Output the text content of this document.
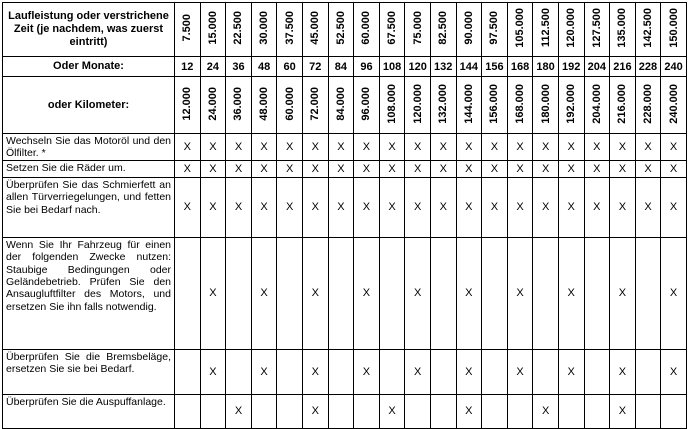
Laufleistung oder verstrichene Zeit (je nachdem, was zuerst eintritt)	7.500	15.000	22.500	30.000	37.500	45.000	52.500	60.000	67.500	75.000	82.500	90.000	97.500	105.000	112.500	120.000	127.500	135.000	142.500	150.000
Oder Monate:	12	24	36	48	60	72	84	96	108	120	132	144	156	168	180	192	204	216	228	240
oder Kilometer:	12.000	24.000	36.000	48.000	60.000	72.000	84.000	96.000	108.000	120.000	132.000	144.000	156.000	168.000	180.000	192.000	204.000	216.000	228.000	240.000
Wechseln Sie das Motoröl und den Ölfilter. *	X	X	X	X	X	X	X	X	X	X	X	X	X	X	X	X	X	X	X	X
Setzen Sie die Räder um.	X	X	X	X	X	X	X	X	X	X	X	X	X	X	X	X	X	X	X	X
Überprüfen Sie das Schmierfett an allen Türverriegelungen, und fetten Sie bei Bedarf nach.	X	X	X	X	X	X	X	X	X	X	X	X	X	X	X	X	X	X	X	X
Wenn Sie Ihr Fahrzeug für einen der folgenden Zwecke nutzen: Staubige Bedingungen oder Geländebetrieb. Prüfen Sie den Ansaugluftfilter des Motors, und ersetzen Sie ihn falls notwendig.		X		X		X		X		X		X		X		X		X		X
Überprüfen Sie die Bremsbeläge, ersetzen Sie sie bei Bedarf.		X		X		X		X		X		X		X		X		X		X
Überprüfen Sie die Auspuffanlage.			X			X			X			X			X			X		
